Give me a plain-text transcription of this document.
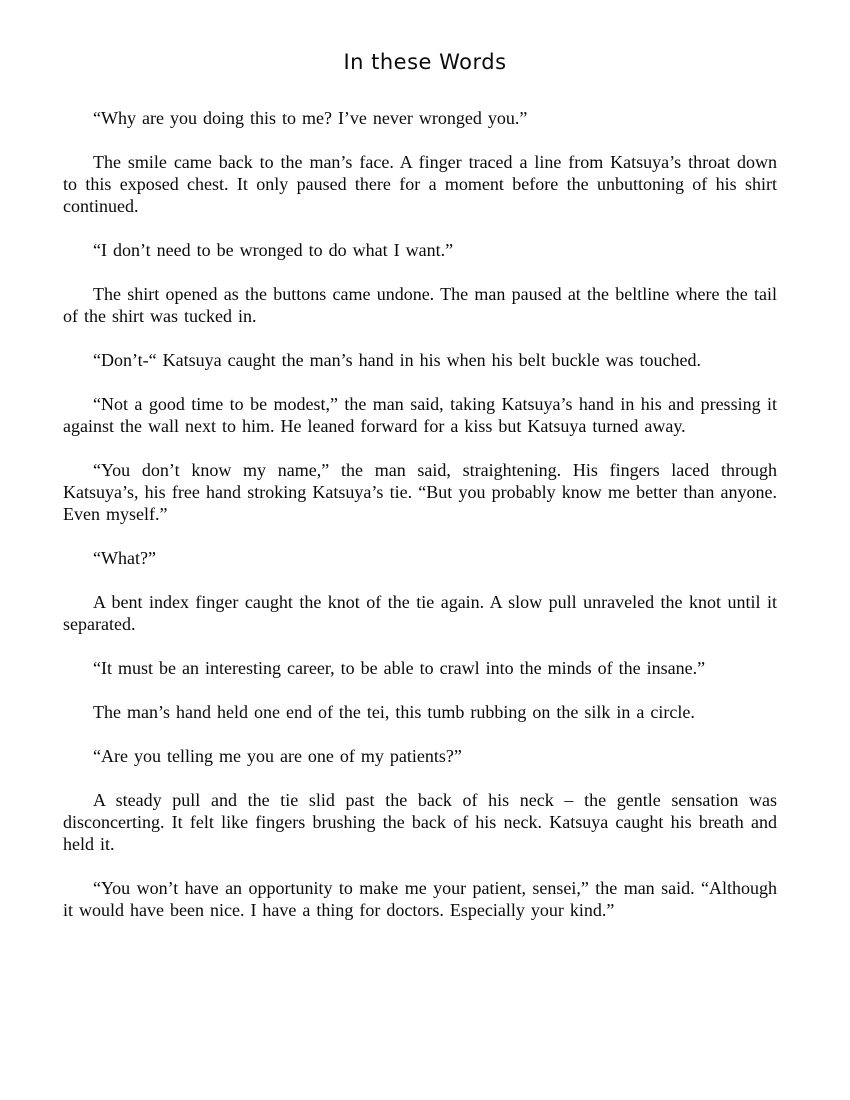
In these Words

“Why are you doing this to me? I’ve never wronged you.”

The smile came back to the man’s face. A finger traced a line from Katsuya’s throat down to this exposed chest. It only paused there for a moment before the unbuttoning of his shirt continued.

“I don’t need to be wronged to do what I want.”

The shirt opened as the buttons came undone. The man paused at the beltline where the tail of the shirt was tucked in.

“Don’t-“ Katsuya caught the man’s hand in his when his belt buckle was touched.

“Not a good time to be modest,” the man said, taking Katsuya’s hand in his and pressing it against the wall next to him. He leaned forward for a kiss but Katsuya turned away.

“You don’t know my name,” the man said, straightening. His fingers laced through Katsuya’s, his free hand stroking Katsuya’s tie. “But you probably know me better than anyone. Even myself.”

“What?”

A bent index finger caught the knot of the tie again. A slow pull unraveled the knot until it separated.

“It must be an interesting career, to be able to crawl into the minds of the insane.”

The man’s hand held one end of the tei, this tumb rubbing on the silk in a circle.

“Are you telling me you are one of my patients?”

A steady pull and the tie slid past the back of his neck – the gentle sensation was disconcerting. It felt like fingers brushing the back of his neck. Katsuya caught his breath and held it.

“You won’t have an opportunity to make me your patient, sensei,” the man said. “Although it would have been nice. I have a thing for doctors. Especially your kind.”
